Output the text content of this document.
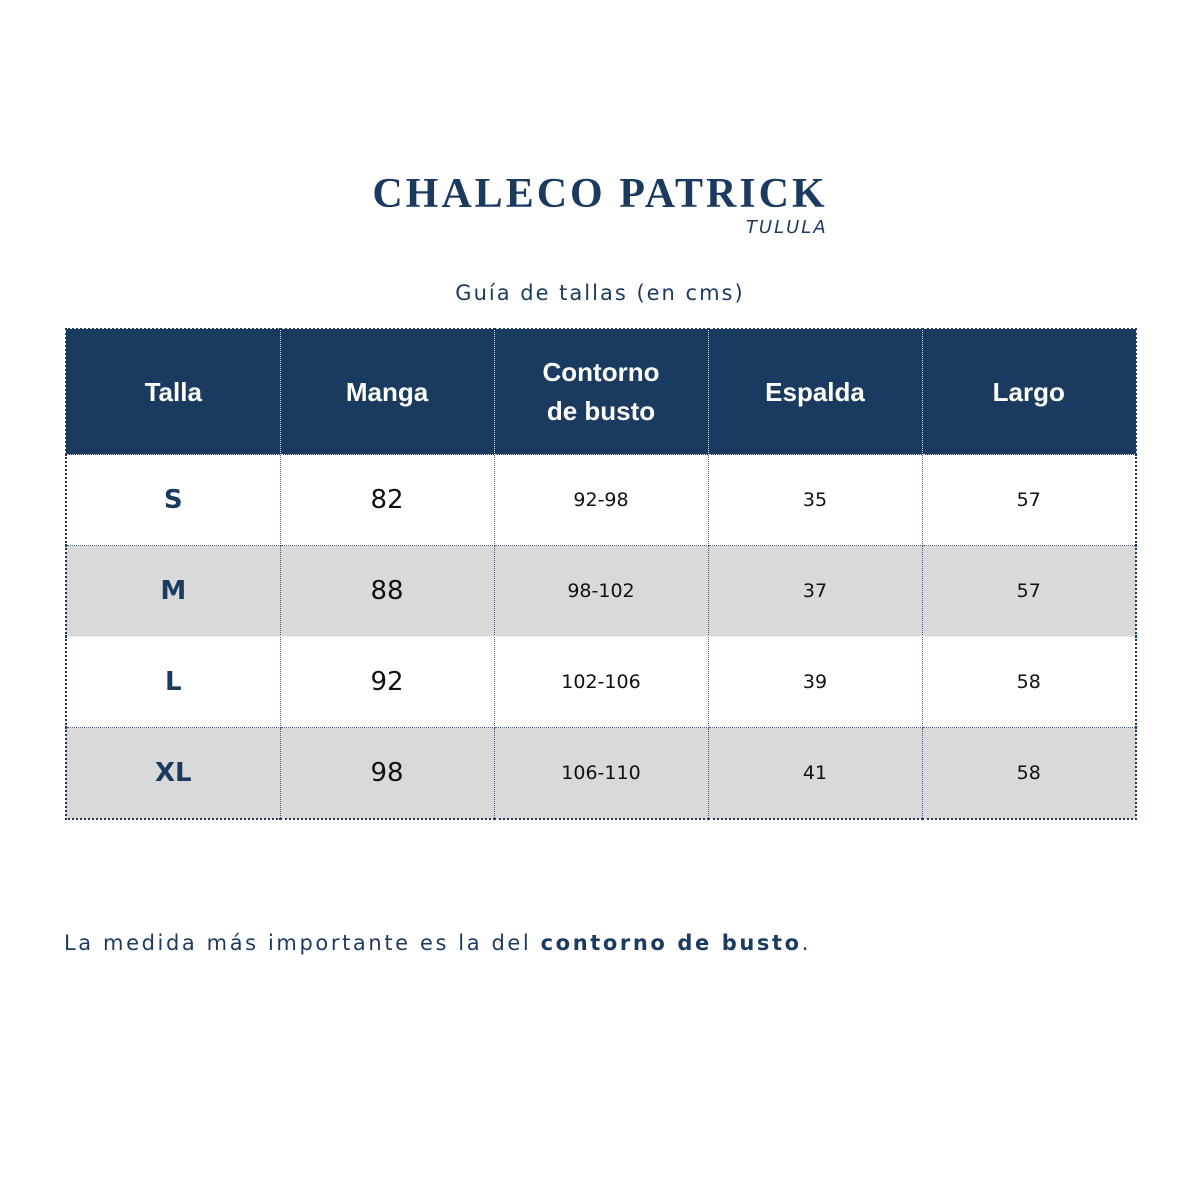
CHALECO PATRICK
TULULA
Guía de tallas (en cms)
Talla	Manga	Contorno de busto	Espalda	Largo
S	82	92-98	35	57
M	88	98-102	37	57
L	92	102-106	39	58
XL	98	106-110	41	58
La medida más importante es la del contorno de busto.
